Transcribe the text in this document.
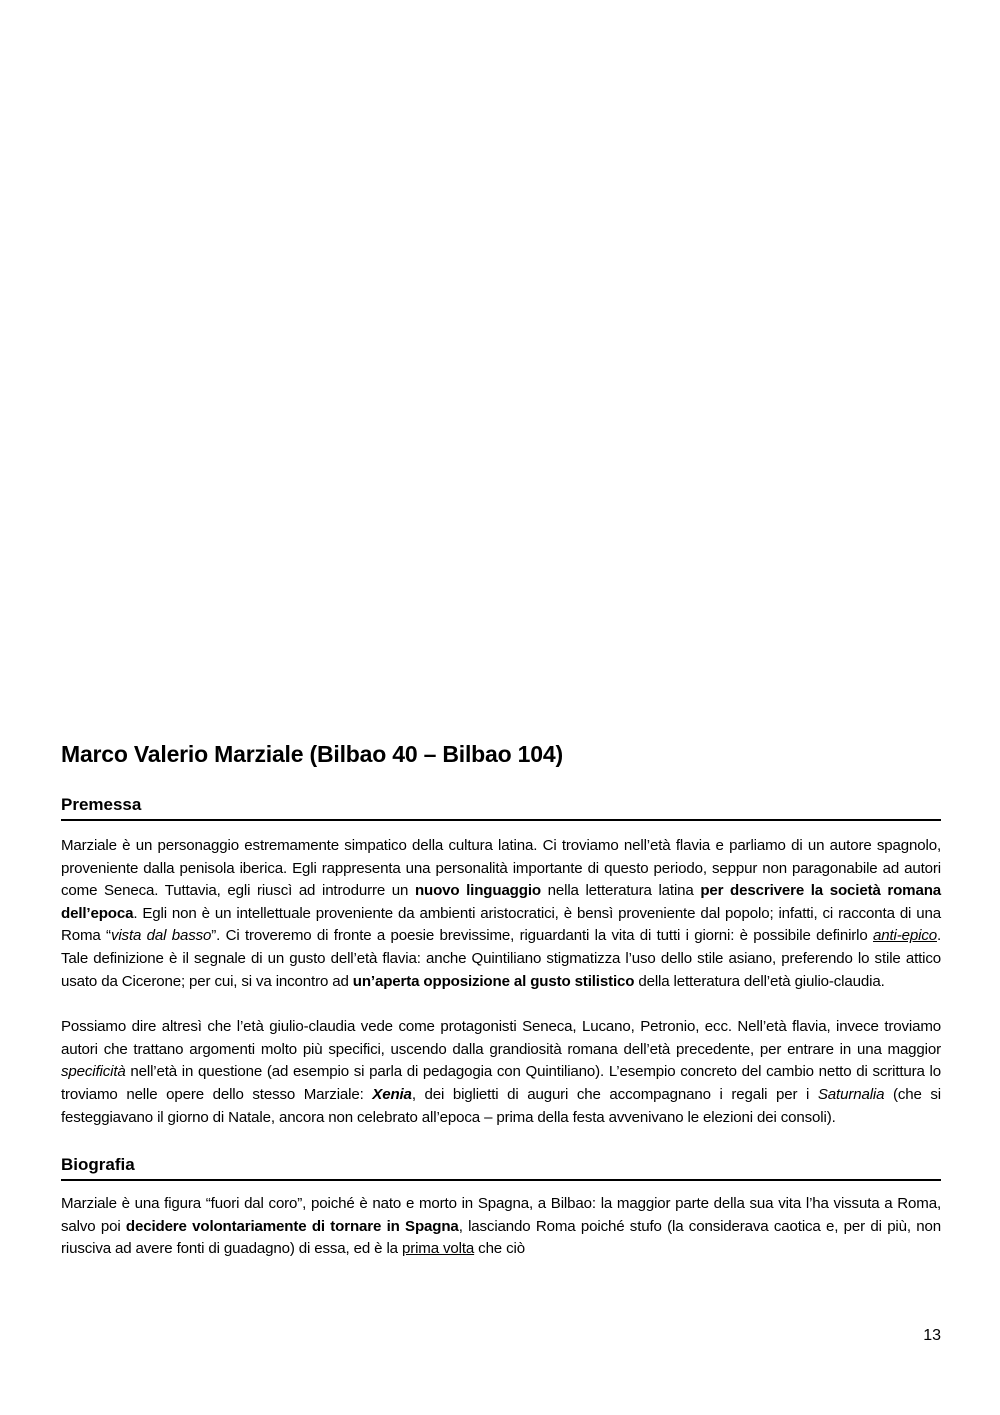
Marco Valerio Marziale (Bilbao 40 – Bilbao 104)
Premessa

Marziale è un personaggio estremamente simpatico della cultura latina. Ci troviamo nell’età flavia e parliamo di un autore spagnolo, proveniente dalla penisola iberica. Egli rappresenta una personalità importante di questo periodo, seppur non paragonabile ad autori come Seneca. Tuttavia, egli riuscì ad introdurre un nuovo linguaggio nella letteratura latina per descrivere la società romana dell’epoca. Egli non è un intellettuale proveniente da ambienti aristocratici, è bensì proveniente dal popolo; infatti, ci racconta di una Roma “vista dal basso”. Ci troveremo di fronte a poesie brevissime, riguardanti la vita di tutti i giorni: è possibile definirlo anti-epico. Tale definizione è il segnale di un gusto dell’età flavia: anche Quintiliano stigmatizza l’uso dello stile asiano, preferendo lo stile attico usato da Cicerone; per cui, si va incontro ad un’aperta opposizione al gusto stilistico della letteratura dell’età giulio-claudia.

Possiamo dire altresì che l’età giulio-claudia vede come protagonisti Seneca, Lucano, Petronio, ecc. Nell’età flavia, invece troviamo autori che trattano argomenti molto più specifici, uscendo dalla grandiosità romana dell’età precedente, per entrare in una maggior specificità nell’età in questione (ad esempio si parla di pedagogia con Quintiliano). L’esempio concreto del cambio netto di scrittura lo troviamo nelle opere dello stesso Marziale: Xenia, dei biglietti di auguri che accompagnano i regali per i Saturnalia (che si festeggiavano il giorno di Natale, ancora non celebrato all’epoca – prima della festa avvenivano le elezioni dei consoli).

Biografia

Marziale è una figura “fuori dal coro”, poiché è nato e morto in Spagna, a Bilbao: la maggior parte della sua vita l’ha vissuta a Roma, salvo poi decidere volontariamente di tornare in Spagna, lasciando Roma poiché stufo (la considerava caotica e, per di più, non riusciva ad avere fonti di guadagno) di essa, ed è la prima volta che ciò

13
